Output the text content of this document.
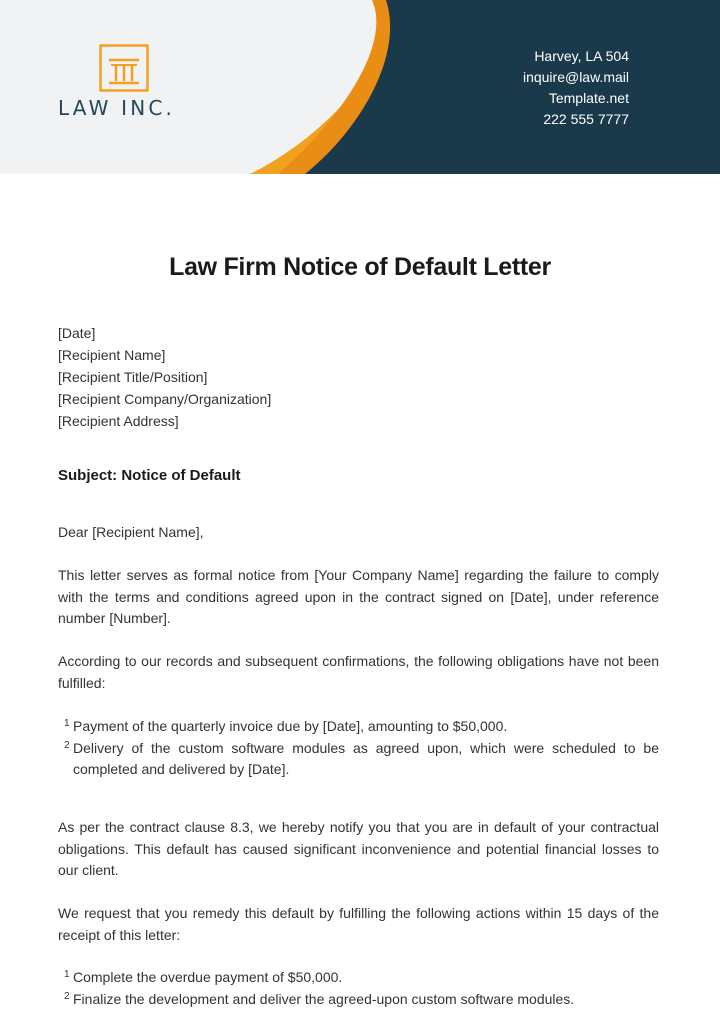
LAW INC.
Harvey, LA 504
inquire@law.mail
Template.net
222 555 7777
Law Firm Notice of Default Letter
[Date]
[Recipient Name]
[Recipient Title/Position]
[Recipient Company/Organization]
[Recipient Address]
Subject: Notice of Default

Dear [Recipient Name],

This letter serves as formal notice from [Your Company Name] regarding the failure to comply with the terms and conditions agreed upon in the contract signed on [Date], under reference number [Number].

According to our records and subsequent confirmations, the following obligations have not been fulfilled:

1 Payment of the quarterly invoice due by [Date], amounting to $50,000.
2 Delivery of the custom software modules as agreed upon, which were scheduled to be completed and delivered by [Date].

As per the contract clause 8.3, we hereby notify you that you are in default of your contractual obligations. This default has caused significant inconvenience and potential financial losses to our client.

We request that you remedy this default by fulfilling the following actions within 15 days of the receipt of this letter:

1 Complete the overdue payment of $50,000.
2 Finalize the development and deliver the agreed-upon custom software modules.
